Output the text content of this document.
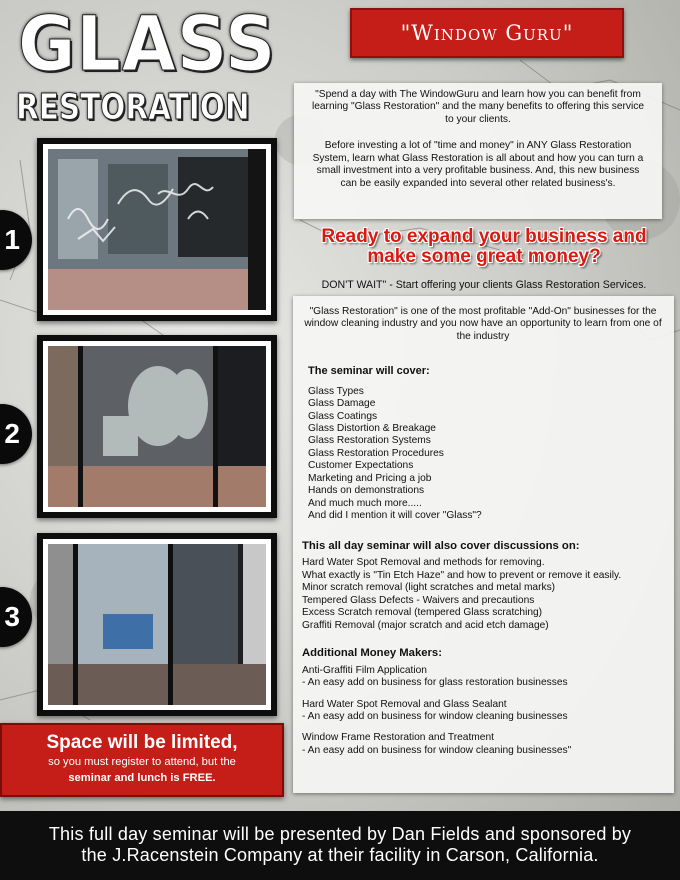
GLASS
RESTORATION
"Window Guru"

"Spend a day with The WindowGuru and learn how you can benefit from learning "Glass Restoration" and the many benefits to offering this service to your clients.

Before investing a lot of "time and money" in ANY Glass Restoration System, learn what Glass Restoration is all about and how you can turn a small investment into a very profitable business. And, this new business can be easily expanded into several other related business's.

Ready to expand your business and
make some great money?
DON'T WAIT" - Start offering your clients Glass Restoration Services.

"Glass Restoration" is one of the most profitable "Add-On" businesses for the window cleaning industry and you now have an opportunity to learn from one of the industry

The seminar will cover:
Glass Types
Glass Damage
Glass Coatings
Glass Distortion & Breakage
Glass Restoration Systems
Glass Restoration Procedures
Customer Expectations
Marketing and Pricing a job
Hands on demonstrations
And much much more.....
And did I mention it will cover "Glass"?
This all day seminar will also cover discussions on:
Hard Water Spot Removal and methods for removing.
What exactly is "Tin Etch Haze" and how to prevent or remove it easily.
Minor scratch removal (light scratches and metal marks)
Tempered Glass Defects - Waivers and precautions
Excess Scratch removal (tempered Glass scratching)
Graffiti Removal (major scratch and acid etch damage)
Additional Money Makers:
Anti-Graffiti Film Application
- An easy add on business for glass restoration businesses
Hard Water Spot Removal and Glass Sealant
- An easy add on business for window cleaning businesses
Window Frame Restoration and Treatment
- An easy add on business for window cleaning businesses"
1
2
3
Space will be limited,
so you must register to attend, but the
seminar and lunch is FREE.
This full day seminar will be presented by Dan Fields and sponsored by
the J.Racenstein Company at their facility in Carson, California.
